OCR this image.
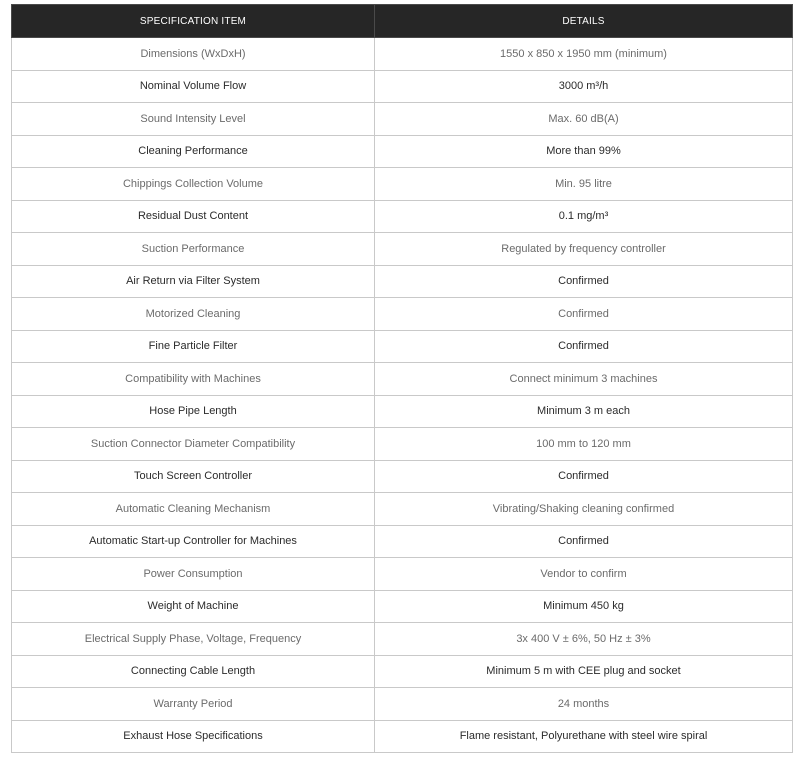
SPECIFICATION ITEM	DETAILS
Dimensions (WxDxH)	1550 x 850 x 1950 mm (minimum)
Nominal Volume Flow	3000 m³/h
Sound Intensity Level	Max. 60 dB(A)
Cleaning Performance	More than 99%
Chippings Collection Volume	Min. 95 litre
Residual Dust Content	0.1 mg/m³
Suction Performance	Regulated by frequency controller
Air Return via Filter System	Confirmed
Motorized Cleaning	Confirmed
Fine Particle Filter	Confirmed
Compatibility with Machines	Connect minimum 3 machines
Hose Pipe Length	Minimum 3 m each
Suction Connector Diameter Compatibility	100 mm to 120 mm
Touch Screen Controller	Confirmed
Automatic Cleaning Mechanism	Vibrating/Shaking cleaning confirmed
Automatic Start-up Controller for Machines	Confirmed
Power Consumption	Vendor to confirm
Weight of Machine	Minimum 450 kg
Electrical Supply Phase, Voltage, Frequency	3x 400 V ± 6%, 50 Hz ± 3%
Connecting Cable Length	Minimum 5 m with CEE plug and socket
Warranty Period	24 months
Exhaust Hose Specifications	Flame resistant, Polyurethane with steel wire spiral
